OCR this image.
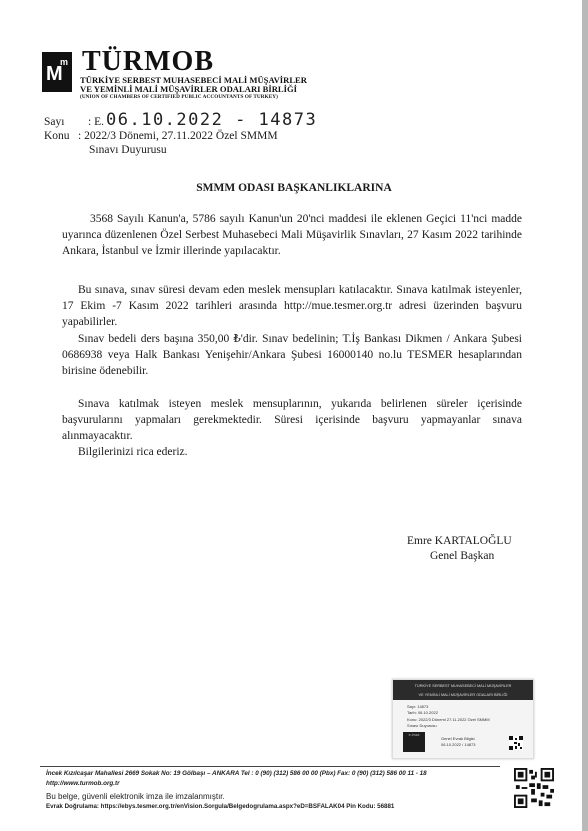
M
m TÜRMOB
TÜRKİYE SERBEST MUHASEBECİ MALİ MÜŞAVİRLER
VE YEMİNLİ MALİ MÜŞAVİRLER ODALARI BİRLİĞİ
(UNION OF CHAMBERS OF CERTIFIED PUBLIC ACCOUNTANTS OF TURKEY)
Sayı : E. 06.10.2022 - 14873
Konu : 2022/3 Dönemi, 27.11.2022 Özel SMMM
Sınavı Duyurusu
SMMM ODASI BAŞKANLIKLARINA
3568 Sayılı Kanun'a, 5786 sayılı Kanun'un 20'nci maddesi ile eklenen Geçici 11'nci madde uyarınca düzenlenen Özel Serbest Muhasebeci Mali Müşavirlik Sınavları, 27 Kasım 2022 tarihinde Ankara, İstanbul ve İzmir illerinde yapılacaktır.
Bu sınava, sınav süresi devam eden meslek mensupları katılacaktır. Sınava katılmak isteyenler, 17 Ekim -7 Kasım 2022 tarihleri arasında http://mue.tesmer.org.tr adresi üzerinden başvuru yapabilirler.
Sınav bedeli ders başına 350,00 ₺'dir. Sınav bedelinin; T.İş Bankası Dikmen / Ankara Şubesi 0686938 veya Halk Bankası Yenişehir/Ankara Şubesi 16000140 no.lu TESMER hesaplarından birisine ödenebilir.
Sınava katılmak isteyen meslek mensuplarının, yukarıda belirlenen süreler içerisinde başvurularını yapmaları gerekmektedir. Süresi içerisinde başvuru yapmayanlar sınava alınmayacaktır.
Bilgilerinizi rica ederiz.
Emre KARTALOĞLU
Genel Başkan
TÜRKİYE SERBEST MUHASEBECİ MALİ MÜŞAVİRLER
VE YEMİNLİ MALİ MÜŞAVİRLER ODALARI BİRLİĞİ
Sayı: 14873
Tarih: 06.10.2022
Konu: 2022/3 Dönemi 27.11.2022 Özel SMMM
Sınavı Duyurusu
e-imza
Genel Evrak Bilgisi
06.10.2022 / 14873
İncek Kızılcaşar Mahallesi 2669 Sokak No: 19 Gölbaşı – ANKARA Tel : 0 (90) (312) 586 00 00 (Pbx) Fax: 0 (90) (312) 586 00 11 - 18
http://www.turmob.org.tr
Bu belge, güvenli elektronik imza ile imzalanmıştır.
Evrak Doğrulama: https://ebys.tesmer.org.tr/enVision.Sorgula/Belgedogrulama.aspx?eD=BSFALAK04 Pin Kodu: 56881
